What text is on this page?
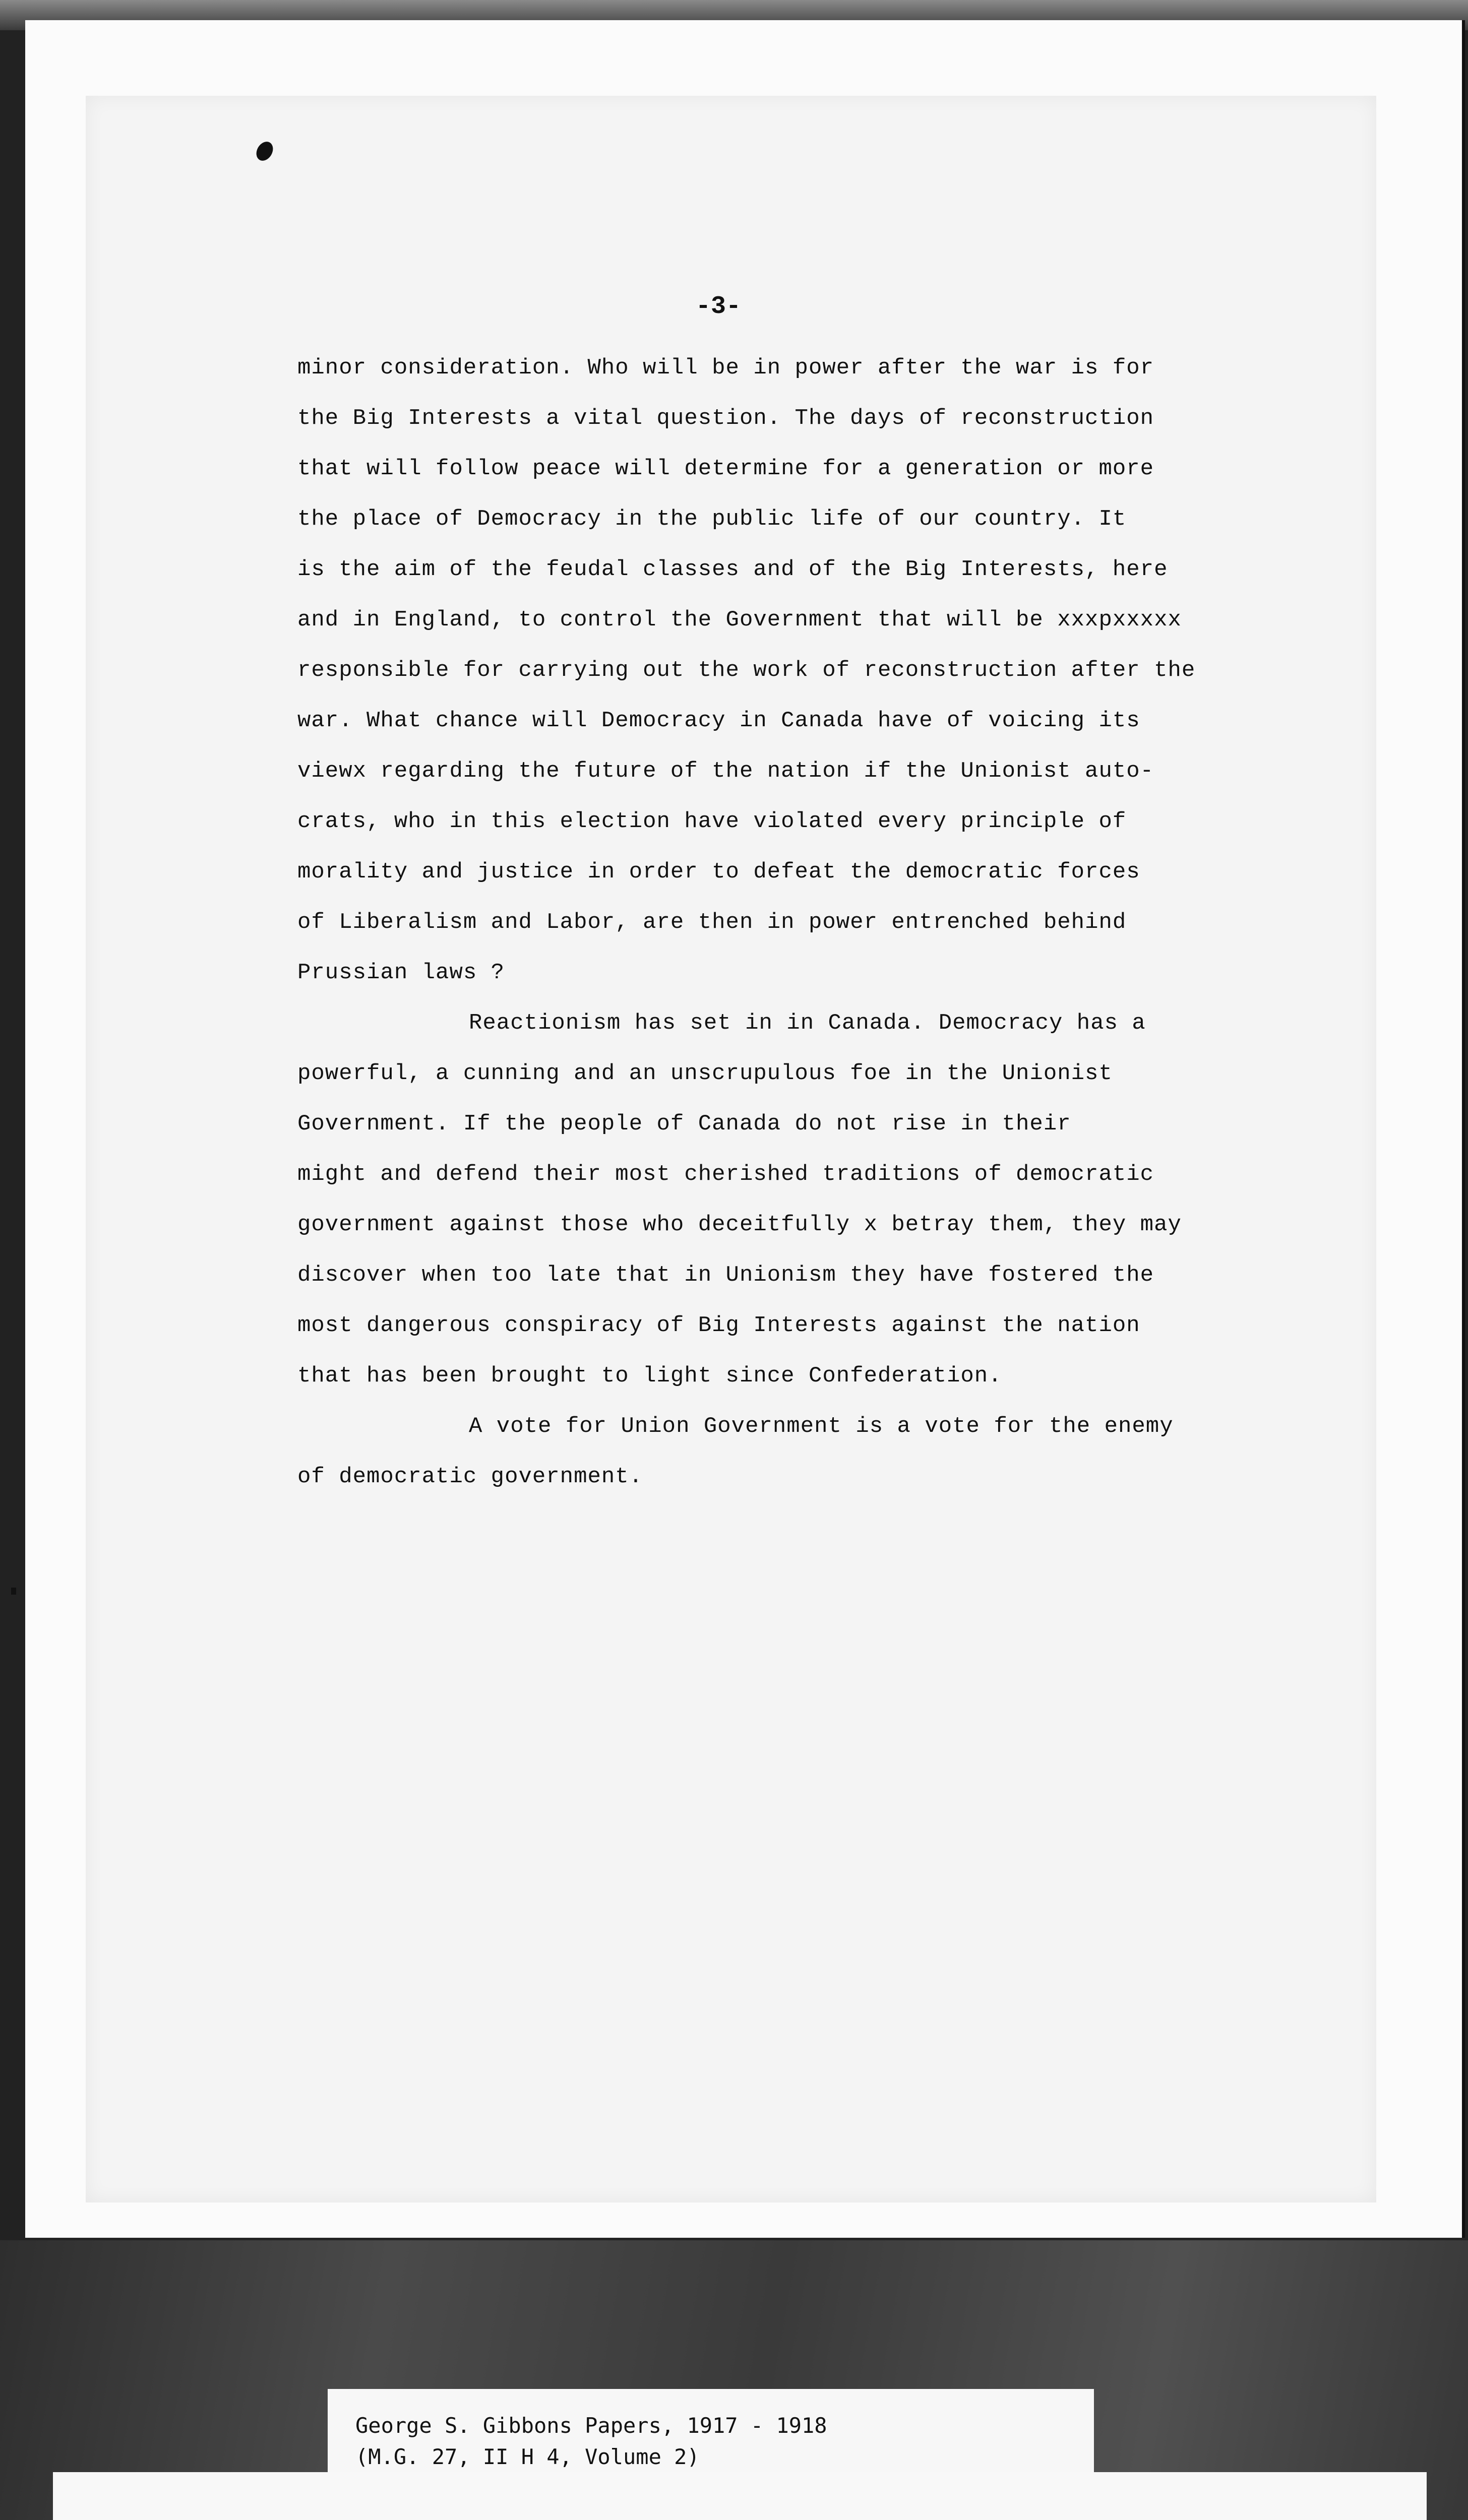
-3-
minor consideration. Who will be in power after the war is for
the Big Interests a vital question. The days of reconstruction
that will follow peace will determine for a generation or more
the place of Democracy in the public life of our country. It
is the aim of the feudal classes and of the Big Interests, here
and in England, to control the Government that will be xxxpxxxxx
responsible for carrying out the work of reconstruction after the
war. What chance will Democracy in Canada have of voicing its
viewx regarding the future of the nation if the Unionist auto-
crats, who in this election have violated every principle of
morality and justice in order to defeat the democratic forces
of Liberalism and Labor, are then in power entrenched behind
Prussian laws ?
Reactionism has set in in Canada. Democracy has a
powerful, a cunning and an unscrupulous foe in the Unionist
Government. If the people of Canada do not rise in their
might and defend their most cherished traditions of democratic
government against those who deceitfully x betray them, they may
discover when too late that in Unionism they have fostered the
most dangerous conspiracy of Big Interests against the nation
that has been brought to light since Confederation.
A vote for Union Government is a vote for the enemy
of democratic government.
George S. Gibbons Papers, 1917 - 1918
(M.G. 27, II H 4, Volume 2)
